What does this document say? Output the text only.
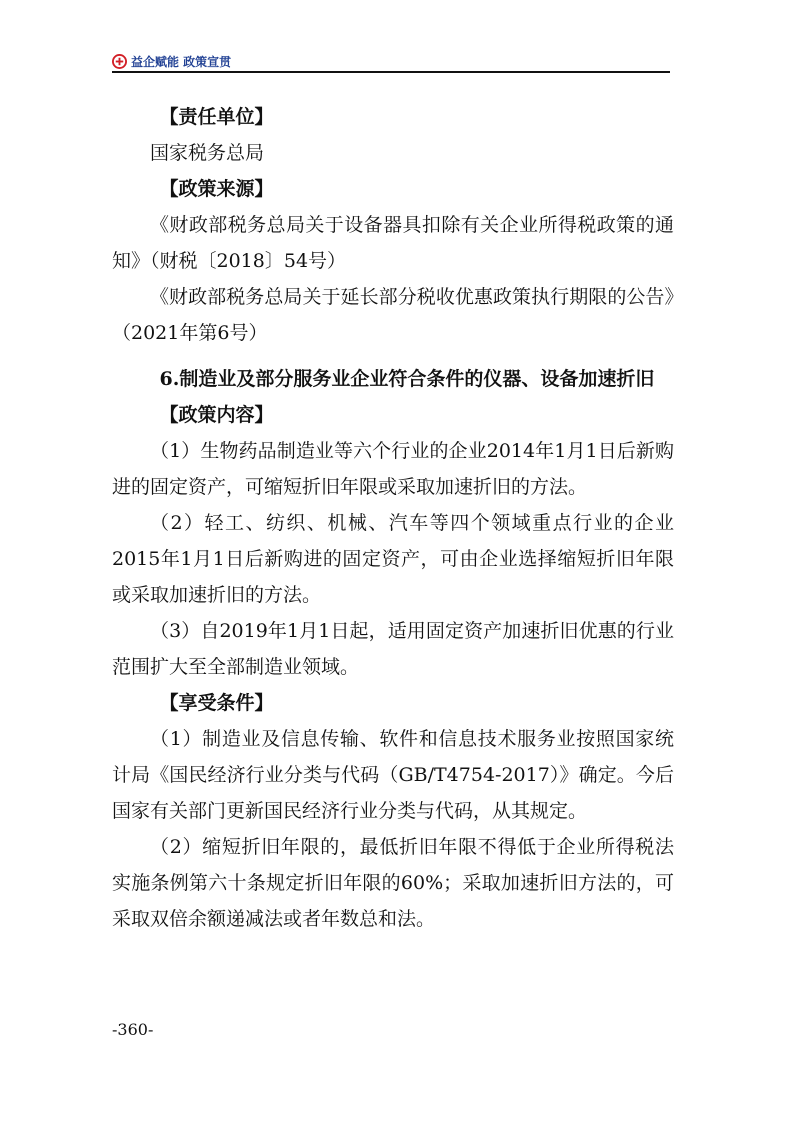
益企赋能 政策宣贯

【责任单位】

国家税务总局

【政策来源】

《财政部税务总局关于设备器具扣除有关企业所得税政策的通知》（财税〔2018〕54号）

《财政部税务总局关于延长部分税收优惠政策执行期限的公告》（2021年第6号）

6.制造业及部分服务业企业符合条件的仪器、设备加速折旧

【政策内容】

（1）生物药品制造业等六个行业的企业2014年1月1日后新购进的固定资产，可缩短折旧年限或采取加速折旧的方法。

（2）轻工、纺织、机械、汽车等四个领域重点行业的企业2015年1月1日后新购进的固定资产，可由企业选择缩短折旧年限或采取加速折旧的方法。

（3）自2019年1月1日起，适用固定资产加速折旧优惠的行业范围扩大至全部制造业领域。

【享受条件】

（1）制造业及信息传输、软件和信息技术服务业按照国家统计局《国民经济行业分类与代码（GB/T4754-2017）》确定。今后国家有关部门更新国民经济行业分类与代码，从其规定。

（2）缩短折旧年限的，最低折旧年限不得低于企业所得税法实施条例第六十条规定折旧年限的60%；采取加速折旧方法的，可采取双倍余额递减法或者年数总和法。

-360-
